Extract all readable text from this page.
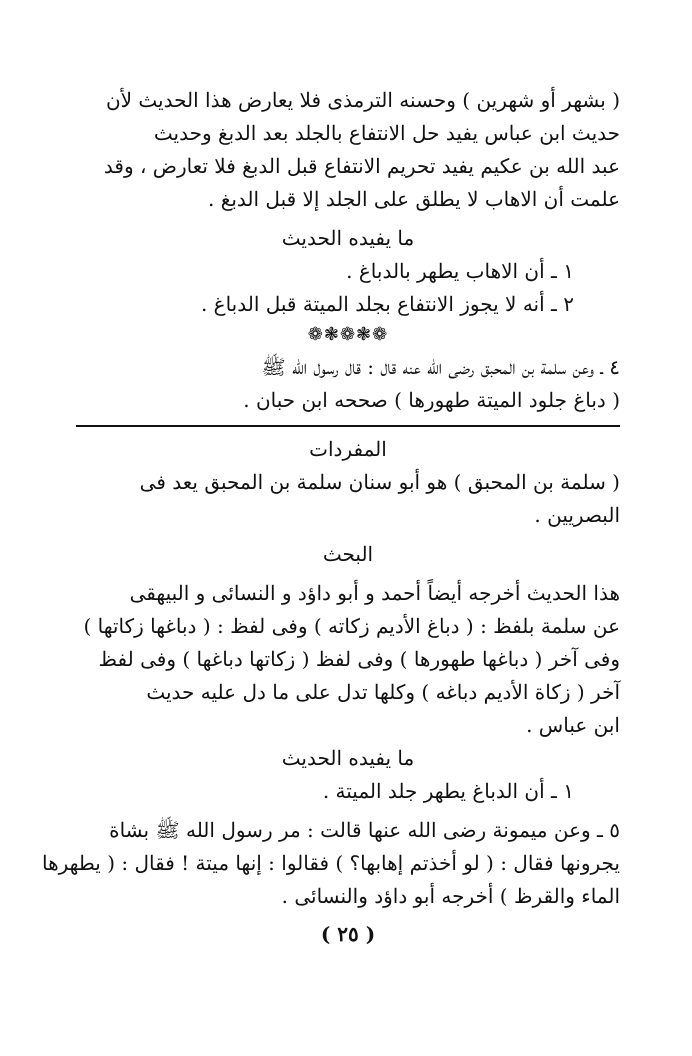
( بشهر أو شهرين ) وحسنه الترمذى فلا يعارض هذا الحديث لأن
حديث ابن عباس يفيد حل الانتفاع بالجلد بعد الدبغ وحديث
عبد الله بن عكيم يفيد تحريم الانتفاع قبل الدبغ فلا تعارض ، وقد
علمت أن الاهاب لا يطلق على الجلد إلا قبل الدبغ .
ما يفيده الحديث
١ ـ أن الاهاب يطهر بالدباغ .
٢ ـ أنه لا يجوز الانتفاع بجلد الميتة قبل الدباغ .
❁❃❁❃❁
٤ ـ وعن سلمة بن المحبق رضى الله عنه قال : قال رسول الله ﷺ
( دباغ جلود الميتة طهورها ) صححه ابن حبان .
المفردات
( سلمة بن المحبق ) هو أبو سنان سلمة بن المحبق يعد فى البصريين .
البحث
هذا الحديث أخرجه أيضاً أحمد و أبو داؤد و النسائى و البيهقى
عن سلمة بلفظ : ( دباغ الأديم زكاته ) وفى لفظ : ( دباغها زكاتها )
وفى آخر ( دباغها طهورها ) وفى لفظ ( زكاتها دباغها ) وفى لفظ
آخر ( زكاة الأديم دباغه ) وكلها تدل على ما دل عليه حديث
ابن عباس .
ما يفيده الحديث
١ ـ أن الدباغ يطهر جلد الميتة .
٥ ـ وعن ميمونة رضى الله عنها قالت : مر رسول الله ﷺ بشاة
يجرونها فقال : ( لو أخذتم إهابها؟ ) فقالوا : إنها ميتة ! فقال : ( يطهرها
الماء والقرظ ) أخرجه أبو داؤد والنسائى .
( ٢٥ )
